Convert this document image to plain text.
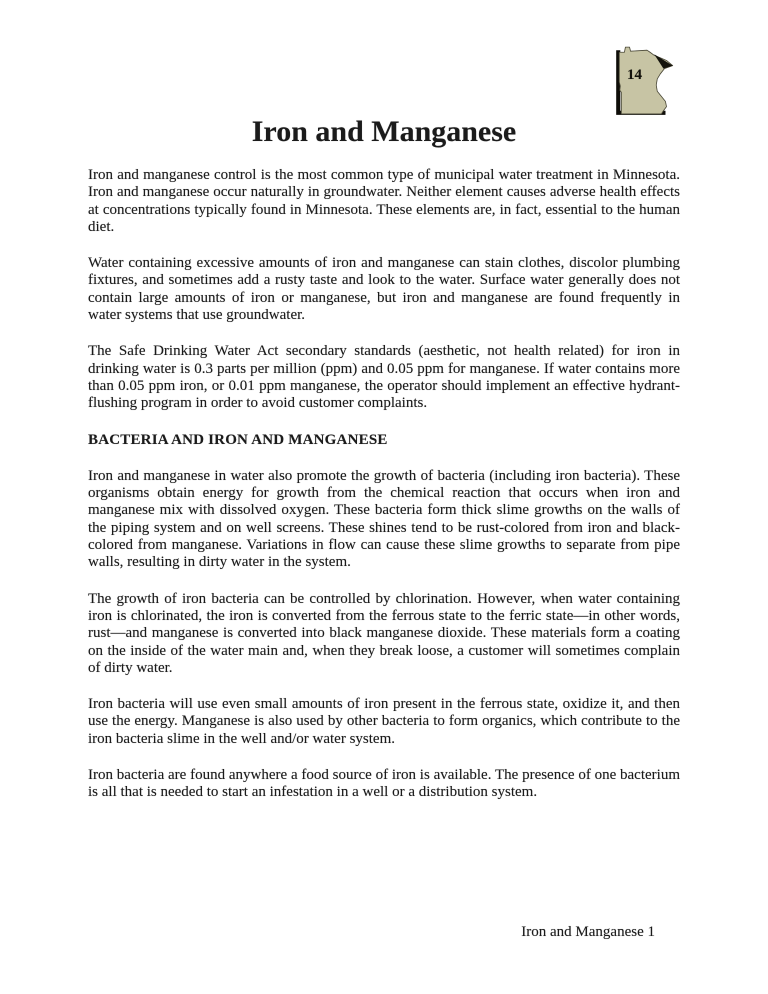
14
Iron and Manganese

Iron and manganese control is the most common type of municipal water treatment in Minnesota. Iron and manganese occur naturally in groundwater. Neither element causes adverse health effects at concentrations typically found in Minnesota. These elements are, in fact, essential to the human diet.

Water containing excessive amounts of iron and manganese can stain clothes, discolor plumbing fixtures, and sometimes add a rusty taste and look to the water. Surface water generally does not contain large amounts of iron or manganese, but iron and manganese are found frequently in water systems that use groundwater.

The Safe Drinking Water Act secondary standards (aesthetic, not health related) for iron in drinking water is 0.3 parts per million (ppm) and 0.05 ppm for manganese. If water contains more than 0.05 ppm iron, or 0.01 ppm manganese, the operator should implement an effective hydrant-flushing program in order to avoid customer complaints.

BACTERIA AND IRON AND MANGANESE

Iron and manganese in water also promote the growth of bacteria (including iron bacteria). These organisms obtain energy for growth from the chemical reaction that occurs when iron and manganese mix with dissolved oxygen. These bacteria form thick slime growths on the walls of the piping system and on well screens. These shines tend to be rust-colored from iron and black-colored from manganese. Variations in flow can cause these slime growths to separate from pipe walls, resulting in dirty water in the system.

The growth of iron bacteria can be controlled by chlorination. However, when water containing iron is chlorinated, the iron is converted from the ferrous state to the ferric state—in other words, rust—and manganese is converted into black manganese dioxide. These materials form a coating on the inside of the water main and, when they break loose, a customer will sometimes complain of dirty water.

Iron bacteria will use even small amounts of iron present in the ferrous state, oxidize it, and then use the energy. Manganese is also used by other bacteria to form organics, which contribute to the iron bacteria slime in the well and/or water system.

Iron bacteria are found anywhere a food source of iron is available. The presence of one bacterium is all that is needed to start an infestation in a well or a distribution system.

Iron and Manganese 1
